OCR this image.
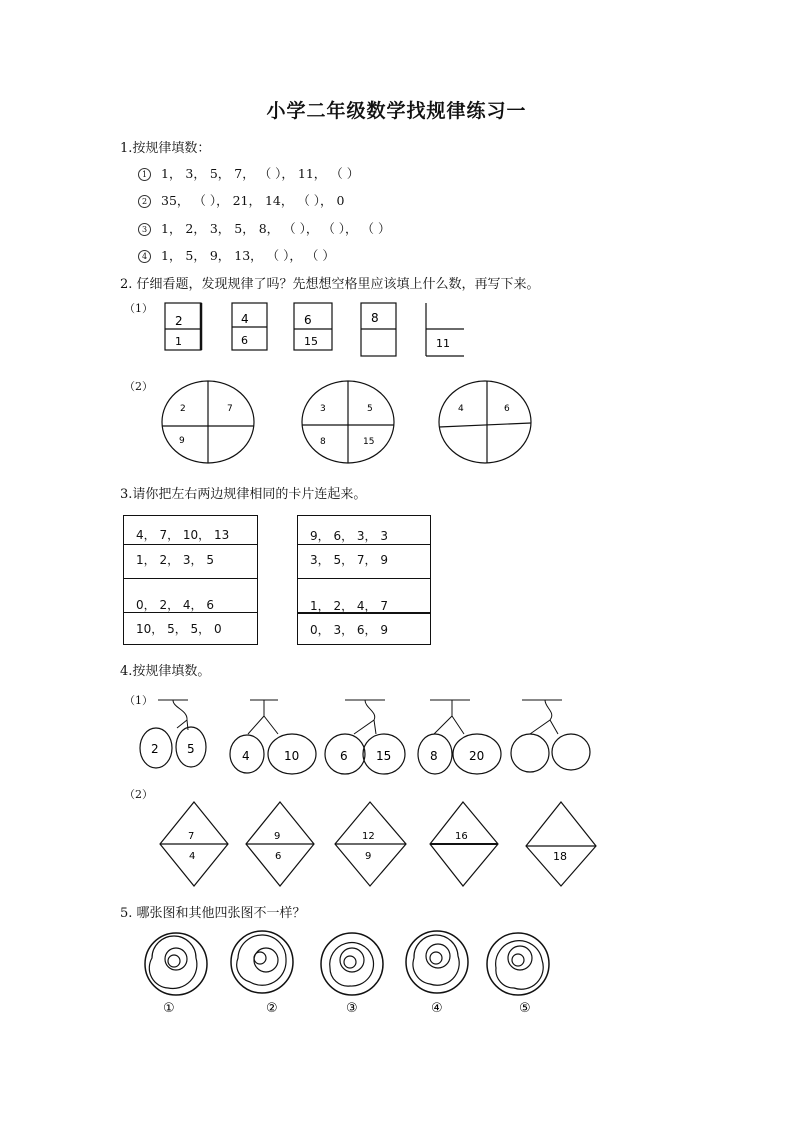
小学二年级数学找规律练习一
1.按规律填数：
1 1， 3， 5， 7， （ ）， 11， （ ）
2 35， （ ）， 21， 14， （ ）， 0
3 1， 2， 3， 5， 8， （ ）， （ ）， （ ）
4 1， 5， 9， 13， （ ）， （ ）
2. 仔细看题，发现规律了吗？先想想空格里应该填上什么数，再写下来。
（1）
2
1
4
6
6
15
8
11
（2）
2	7
9
3	5
8	15
4	6
3.请你把左右两边规律相同的卡片连起来。
4， 7， 10， 13
1， 2， 3， 5
0， 2， 4， 6
10， 5， 5， 0
9， 6， 3， 3
3， 5， 7， 9
1， 2， 4， 7
0， 3， 6， 9
4.按规律填数。
（1）
2 5	4	10	6 15	8	20
（2）
7
4
9
6
12
9
16
18
5. 哪张图和其他四张图不一样？
①	②	③	④	⑤
